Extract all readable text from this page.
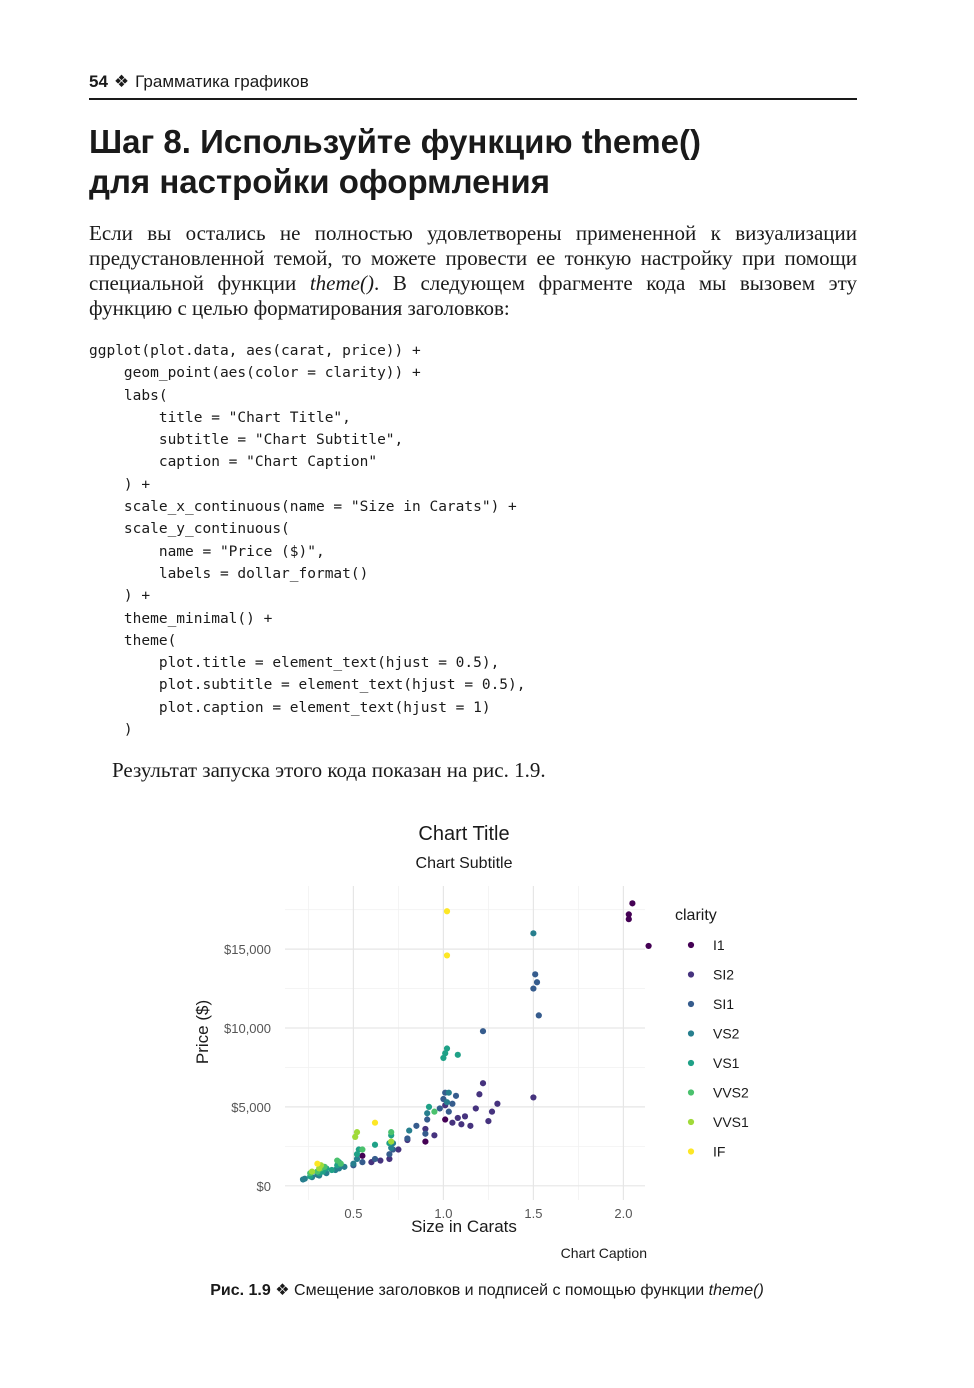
54 ❖ Грамматика графиков
Шаг 8. Используйте функцию theme()
для настройки оформления

Если вы остались не полностью удовлетворены примененной к визуализации предустановленной темой, то можете провести ее тонкую настройку при помощи специальной функции theme(). В следующем фрагменте кода мы вызовем эту функцию с целью форматирования заголовков:

ggplot(plot.data, aes(carat, price)) +
geom_point(aes(color = clarity)) +
labs(
title = "Chart Title",
subtitle = "Chart Subtitle",
caption = "Chart Caption"
) +
scale_x_continuous(name = "Size in Carats") +
scale_y_continuous(
name = "Price ($)",
labels = dollar_format()
) +
theme_minimal() +
theme(
plot.title = element_text(hjust = 0.5),
plot.subtitle = element_text(hjust = 0.5),
plot.caption = element_text(hjust = 1)
)

Результат запуска этого кода показан на рис. 1.9.

Chart Title
Chart Subtitle
0.5	1.0	1.5	2.0
$0
$5,000
$10,000
$15,000
Size in Carats
Price ($)
Chart Caption
clarity
I1
SI2
SI1
VS2
VS1
VVS2
VVS1
IF
Рис. 1.9 ❖ Смещение заголовков и подписей с помощью функции theme()
